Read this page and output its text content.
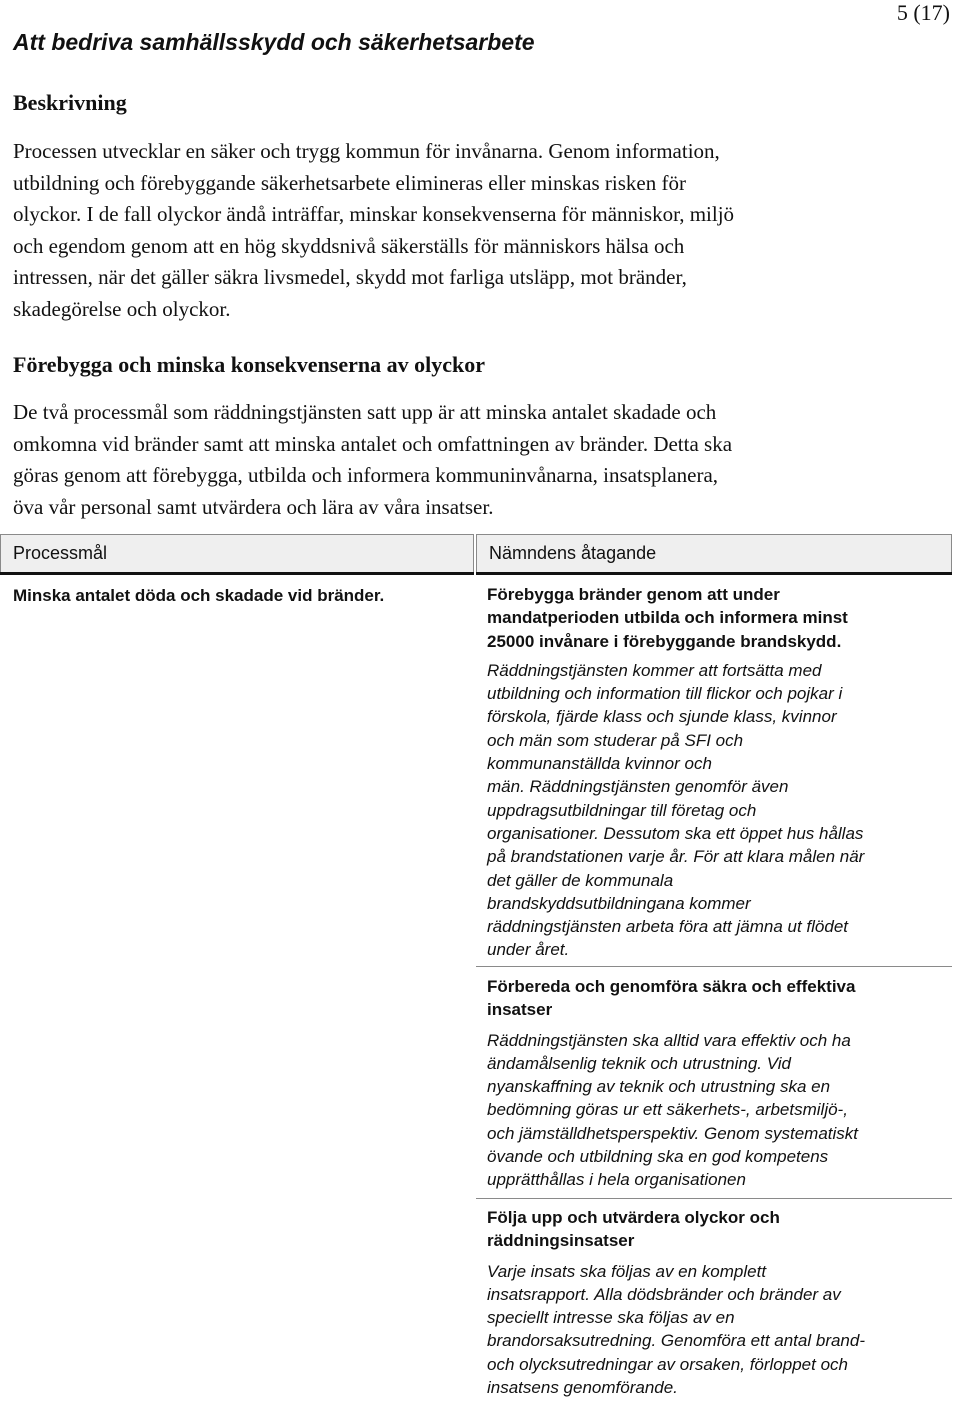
5 (17)
Att bedriva samhällsskydd och säkerhetsarbete
Beskrivning
Processen utvecklar en säker och trygg kommun för invånarna. Genom information,
utbildning och förebyggande säkerhetsarbete elimineras eller minskas risken för
olyckor. I de fall olyckor ändå inträffar, minskar konsekvenserna för människor, miljö
och egendom genom att en hög skyddsnivå säkerställs för människors hälsa och
intressen, när det gäller säkra livsmedel, skydd mot farliga utsläpp, mot bränder,
skadegörelse och olyckor.
Förebygga och minska konsekvenserna av olyckor
De två processmål som räddningstjänsten satt upp är att minska antalet skadade och
omkomna vid bränder samt att minska antalet och omfattningen av bränder. Detta ska
göras genom att förebygga, utbilda och informera kommuninvånarna, insatsplanera,
öva vår personal samt utvärdera och lära av våra insatser.
Processmål	Nämndens åtagande

Minska antalet döda och skadade vid bränder.	Förebygga bränder genom att under
mandatperioden utbilda och informera minst
25000 invånare i förebyggande brandskydd.
Räddningstjänsten kommer att fortsätta med
utbildning och information till flickor och pojkar i
förskola, fjärde klass och sjunde klass, kvinnor
och män som studerar på SFI och
kommunanställda kvinnor och
män. Räddningstjänsten genomför även
uppdragsutbildningar till företag och
organisationer. Dessutom ska ett öppet hus hållas
på brandstationen varje år. För att klara målen när
det gäller de kommunala
brandskyddsutbildningana kommer
räddningstjänsten arbeta föra att jämna ut flödet
under året.
Förbereda och genomföra säkra och effektiva
insatser
Räddningstjänsten ska alltid vara effektiv och ha
ändamålsenlig teknik och utrustning. Vid
nyanskaffning av teknik och utrustning ska en
bedömning göras ur ett säkerhets-, arbetsmiljö-,
och jämställdhetsperspektiv. Genom systematiskt
övande och utbildning ska en god kompetens
upprätthållas i hela organisationen
Följa upp och utvärdera olyckor och
räddningsinsatser
Varje insats ska följas av en komplett
insatsrapport. Alla dödsbränder och bränder av
speciellt intresse ska följas av en
brandorsaksutredning. Genomföra ett antal brand-
och olycksutredningar av orsaken, förloppet och
insatsens genomförande.
